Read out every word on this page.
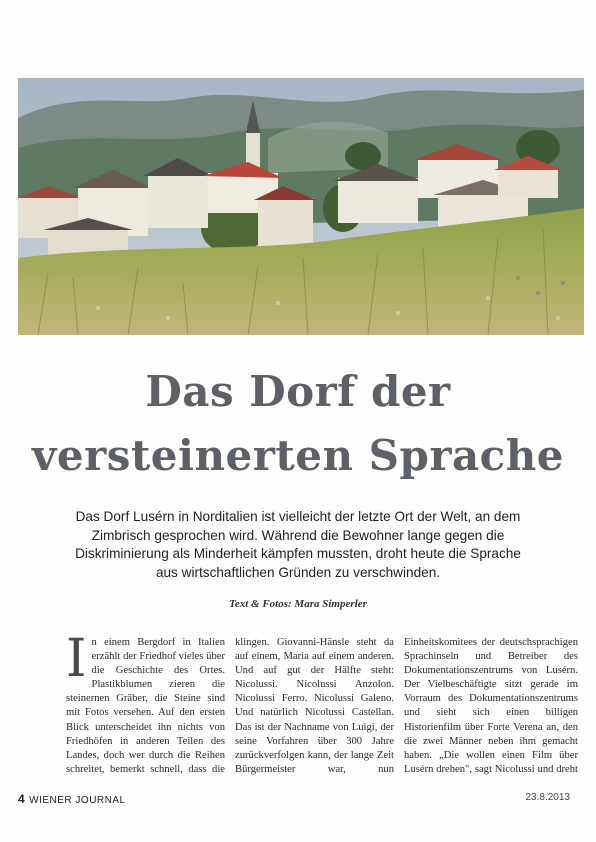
Das Dorf der
versteinerten Sprache

Das Dorf Lusérn in Norditalien ist vielleicht der letzte Ort der Welt, an dem Zimbrisch gesprochen wird. Während die Bewohner lange gegen die Diskriminierung als Minderheit kämpfen mussten, droht heute die Sprache aus wirtschaftlichen Gründen zu verschwinden.

Text & Fotos: Mara Simperler

In einem Bergdorf in Italien erzählt der Friedhof vieles über die Geschichte des Ortes. Plastikblumen zieren die steinernen Gräber, die Steine sind mit Fotos versehen. Auf den ersten Blick unterscheidet ihn nichts von Friedhöfen in anderen Teilen des Landes, doch wer durch die Reihen schreitet, bemerkt schnell, dass die

klingen. Giovanni-Hänsle steht da auf einem, Maria auf einem anderen. Und auf gut der Hälfte steht: Nicolussi. Nicolussi Anzolon. Nicolussi Ferro. Nicolussi Galeno. Und natürlich Nicolussi Castellan. Das ist der Nachname von Luigi, der seine Vorfahren über 300 Jahre zurückverfolgen kann, der lange Zeit Bürgermeister war, nun

Einheitskomitees der deutschsprachigen Sprachinseln und Betreiber des Dokumentationszentrums von Lusérn. Der Vielbeschäftigte sitzt gerade im Vorraum des Dokumentationszentrums und sieht sich einen billigen Historienfilm über Forte Verena an, den die zwei Männer neben ihm gemacht haben. „Die wollen einen Film über Lusérn drehen", sagt Nicolussi und dreht

4 WIENER JOURNAL	23.8.2013
